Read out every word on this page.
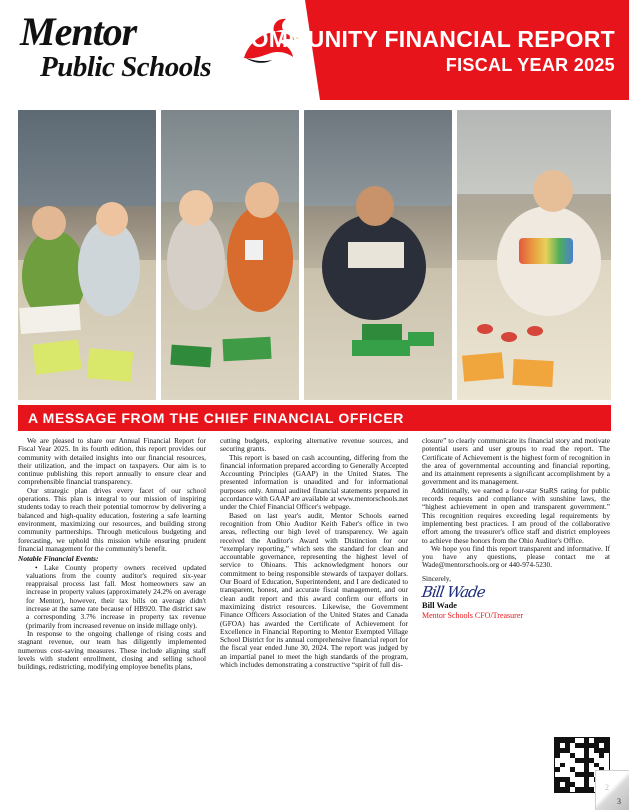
Mentor
Public Schools
COMMUNITY FINANCIAL REPORT
FISCAL YEAR 2025
A MESSAGE FROM THE CHIEF FINANCIAL OFFICER

We are pleased to share our Annual Financial Report for Fiscal Year 2025. In its fourth edition, this report provides our community with detailed insights into our financial resources, their utilization, and the impact on taxpayers. Our aim is to continue publishing this report annually to ensure clear and comprehensible financial transparency.

Our strategic plan drives every facet of our school operations. This plan is integral to our mission of inspiring students today to reach their potential tomorrow by delivering a balanced and high-quality education, fostering a safe learning environment, maximizing our resources, and building strong community partnerships. Through meticulous budgeting and forecasting, we uphold this mission while ensuring prudent financial management for the community's benefit.

Notable Financial Events:

• Lake County property owners received updated valuations from the county auditor's required six-year reappraisal process last fall. Most homeowners saw an increase in property values (approximately 24.2% on average for Mentor), however, their tax bills on average didn't increase at the same rate because of HB920. The district saw a corresponding 3.7% increase in property tax revenue (primarily from increased revenue on inside millage only).

In response to the ongoing challenge of rising costs and stagnant revenue, our team has diligently implemented numerous cost-saving measures. These include aligning staff levels with student enrollment, closing and selling school buildings, redistricting, modifying employee benefits plans,

cutting budgets, exploring alternative revenue sources, and securing grants.

This report is based on cash accounting, differing from the financial information prepared according to Generally Accepted Accounting Principles (GAAP) in the United States. The presented information is unaudited and for informational purposes only. Annual audited financial statements prepared in accordance with GAAP are available at www.mentorschools.net under the Chief Financial Officer's webpage.

Based on last year's audit, Mentor Schools earned recognition from Ohio Auditor Keith Faber's office in two areas, reflecting our high level of transparency. We again received the Auditor's Award with Distinction for our “exemplary reporting,” which sets the standard for clean and accountable governance, representing the highest level of service to Ohioans. This acknowledgment honors our commitment to being responsible stewards of taxpayer dollars. Our Board of Education, Superintendent, and I are dedicated to transparent, honest, and accurate fiscal management, and our clean audit report and this award confirm our efforts in maximizing district resources. Likewise, the Government Finance Officers Association of the United States and Canada (GFOA) has awarded the Certificate of Achievement for Excellence in Financial Reporting to Mentor Exempted Village School District for its annual comprehensive financial report for the fiscal year ended June 30, 2024. The report was judged by an impartial panel to meet the high standards of the program, which includes demonstrating a constructive “spirit of full dis-

closure” to clearly communicate its financial story and motivate potential users and user groups to read the report. The Certificate of Achievement is the highest form of recognition in the area of governmental accounting and financial reporting, and its attainment represents a significant accomplishment by a government and its management.

Additionally, we earned a four-star StaRS rating for public records requests and compliance with sunshine laws, the “highest achievement in open and transparent government.” This recognition requires exceeding legal requirements by implementing best practices. I am proud of the collaborative effort among the treasurer's office staff and district employees to achieve these honors from the Ohio Auditor's Office.

We hope you find this report transparent and informative. If you have any questions, please contact me at Wade@mentorschools.org or 440-974-5230.

Sincerely,
Bill Wade
Bill Wade
Mentor Schools CFO/Treasurer
2
3
